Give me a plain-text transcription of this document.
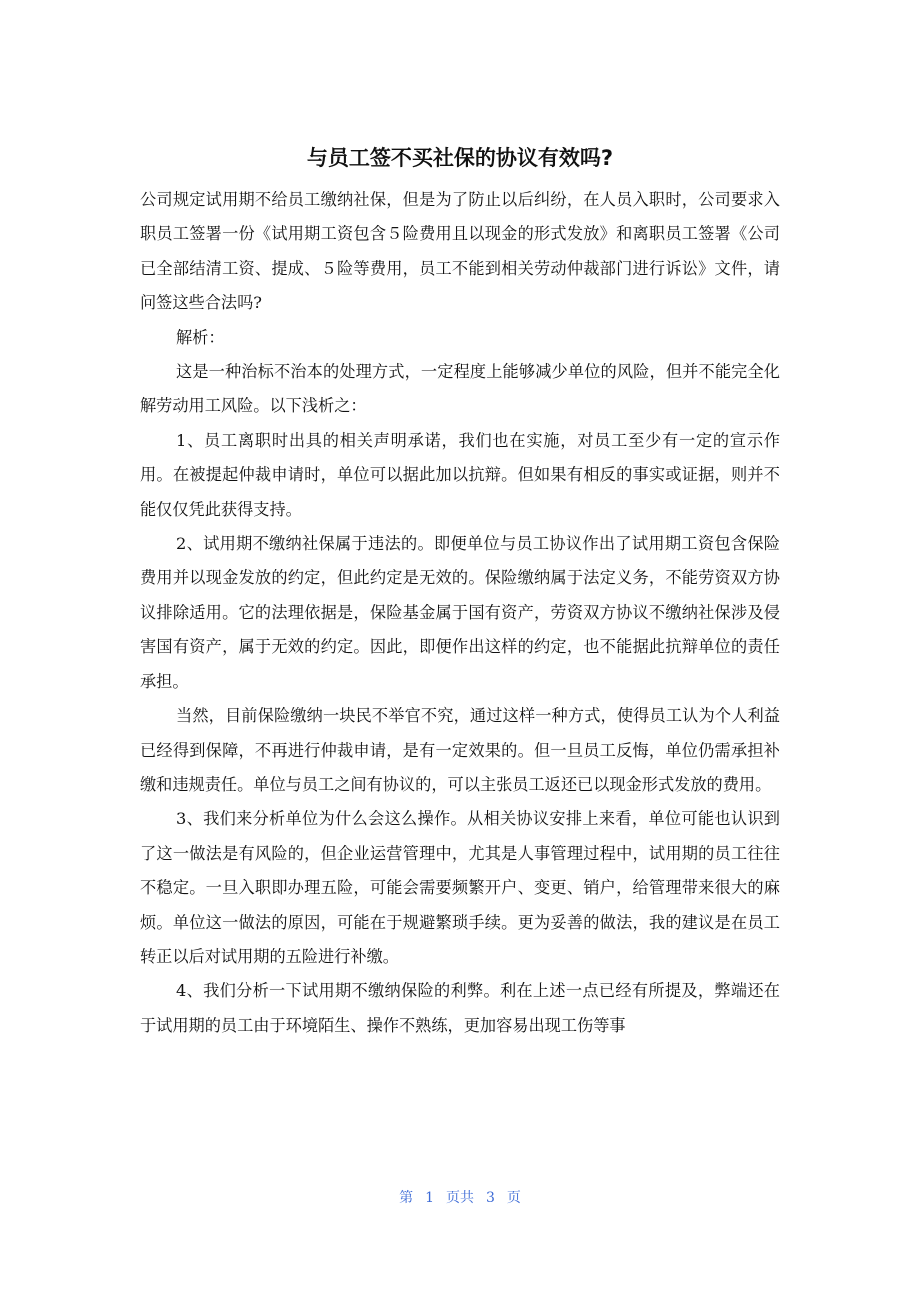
与员工签不买社保的协议有效吗?

公司规定试用期不给员工缴纳社保，但是为了防止以后纠纷，在人员入职时，公司要求入职员工签署一份《试用期工资包含５险费用且以现金的形式发放》和离职员工签署《公司已全部结清工资、提成、５险等费用，员工不能到相关劳动仲裁部门进行诉讼》文件，请问签这些合法吗?

解析：

这是一种治标不治本的处理方式，一定程度上能够减少单位的风险，但并不能完全化解劳动用工风险。以下浅析之：

1、员工离职时出具的相关声明承诺，我们也在实施，对员工至少有一定的宣示作用。在被提起仲裁申请时，单位可以据此加以抗辩。但如果有相反的事实或证据，则并不能仅仅凭此获得支持。

2、试用期不缴纳社保属于违法的。即便单位与员工协议作出了试用期工资包含保险费用并以现金发放的约定，但此约定是无效的。保险缴纳属于法定义务，不能劳资双方协议排除适用。它的法理依据是，保险基金属于国有资产，劳资双方协议不缴纳社保涉及侵害国有资产，属于无效的约定。因此，即便作出这样的约定，也不能据此抗辩单位的责任承担。

当然，目前保险缴纳一块民不举官不究，通过这样一种方式，使得员工认为个人利益已经得到保障，不再进行仲裁申请，是有一定效果的。但一旦员工反悔，单位仍需承担补缴和违规责任。单位与员工之间有协议的，可以主张员工返还已以现金形式发放的费用。

3、我们来分析单位为什么会这么操作。从相关协议安排上来看，单位可能也认识到了这一做法是有风险的，但企业运营管理中，尤其是人事管理过程中，试用期的员工往往不稳定。一旦入职即办理五险，可能会需要频繁开户、变更、销户，给管理带来很大的麻烦。单位这一做法的原因，可能在于规避繁琐手续。更为妥善的做法，我的建议是在员工转正以后对试用期的五险进行补缴。

4、我们分析一下试用期不缴纳保险的利弊。利在上述一点已经有所提及，弊端还在于试用期的员工由于环境陌生、操作不熟练，更加容易出现工伤等事

第 1 页共 3 页
